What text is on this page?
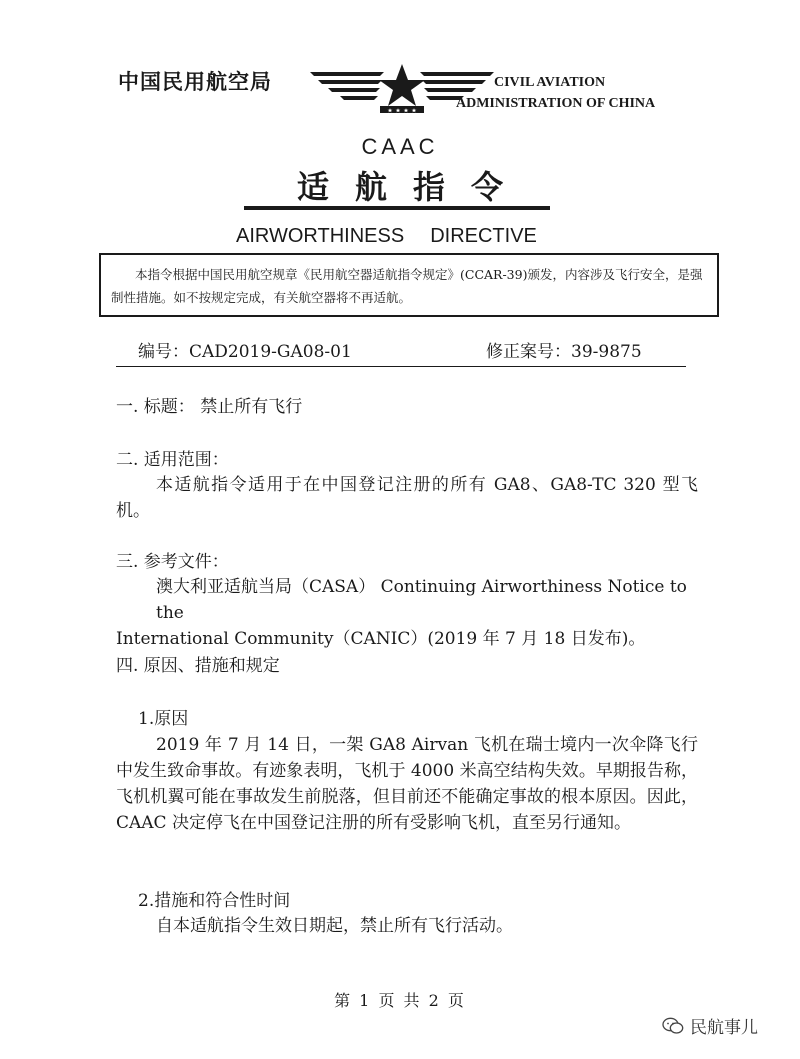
中国民用航空局	CIVIL AVIATION
ADMINISTRATION OF CHINA
CAAC
适航指令
AIRWORTHINESS DIRECTIVE
本指令根据中国民用航空规章《民用航空器适航指令规定》(CCAR-39)颁发，内容涉及飞行安全，是强制性措施。如不按规定完成，有关航空器将不再适航。
编号：CAD2019-GA08-01	修正案号：39-9875
一. 标题： 禁止所有飞行
二. 适用范围：
本适航指令适用于在中国登记注册的所有 GA8、GA8-TC 320 型飞机。
三. 参考文件：
澳大利亚适航当局（CASA） Continuing Airworthiness Notice to the
International Community（CANIC）(2019 年 7 月 18 日发布)。
四. 原因、措施和规定
1.原因
2019 年 7 月 14 日，一架 GA8 Airvan 飞机在瑞士境内一次伞降飞行中发生致命事故。有迹象表明，飞机于 4000 米高空结构失效。早期报告称，飞机机翼可能在事故发生前脱落，但目前还不能确定事故的根本原因。因此，CAAC 决定停飞在中国登记注册的所有受影响飞机，直至另行通知。
2.措施和符合性时间
自本适航指令生效日期起，禁止所有飞行活动。
第 1 页 共 2 页
民航事儿
